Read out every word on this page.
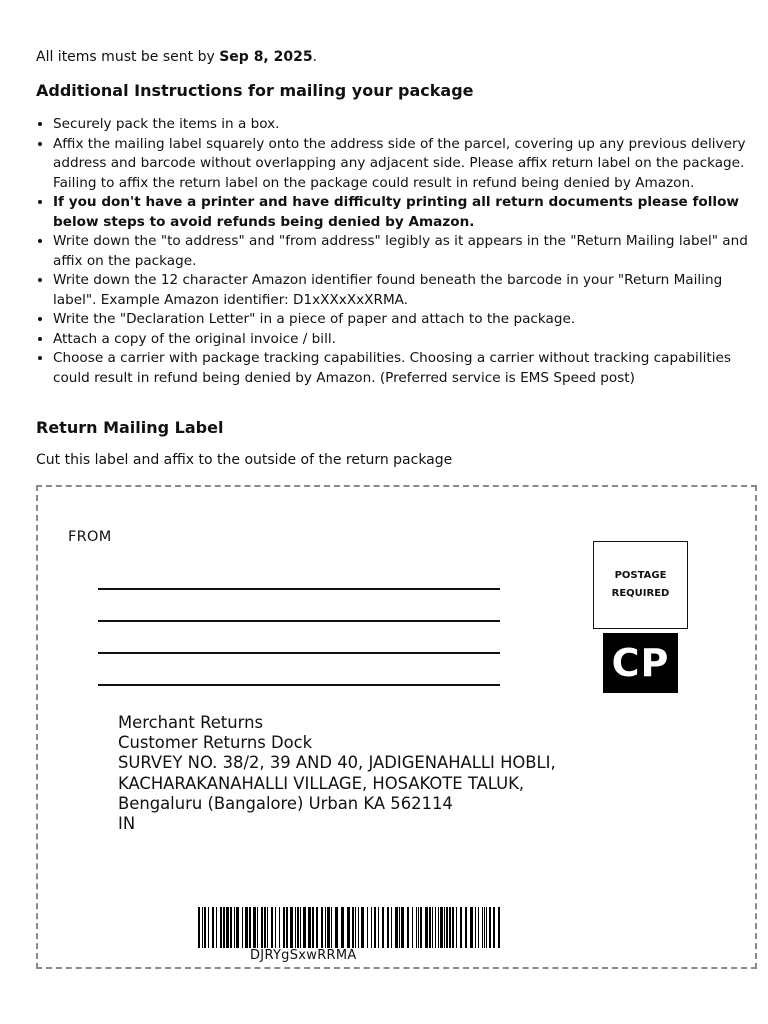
All items must be sent by Sep 8, 2025.
Additional Instructions for mailing your package
• Securely pack the items in a box.
• Affix the mailing label squarely onto the address side of the parcel, covering up any previous delivery address and barcode without overlapping any adjacent side. Please affix return label on the package. Failing to affix the return label on the package could result in refund being denied by Amazon.
• If you don't have a printer and have difficulty printing all return documents please follow below steps to avoid refunds being denied by Amazon.
• Write down the "to address" and "from address" legibly as it appears in the "Return Mailing label" and affix on the package.
• Write down the 12 character Amazon identifier found beneath the barcode in your "Return Mailing label". Example Amazon identifier: D1xXXxXxXRMA.
• Write the "Declaration Letter" in a piece of paper and attach to the package.
• Attach a copy of the original invoice / bill.
• Choose a carrier with package tracking capabilities. Choosing a carrier without tracking capabilities could result in refund being denied by Amazon. (Preferred service is EMS Speed post)
Return Mailing Label
Cut this label and affix to the outside of the return package
FROM
POSTAGE
REQUIRED
CP
Merchant Returns
Customer Returns Dock
SURVEY NO. 38/2, 39 AND 40, JADIGENAHALLI HOBLI,
KACHARAKANAHALLI VILLAGE, HOSAKOTE TALUK,
Bengaluru (Bangalore) Urban KA 562114
IN
DJRYgSxwRRMA
